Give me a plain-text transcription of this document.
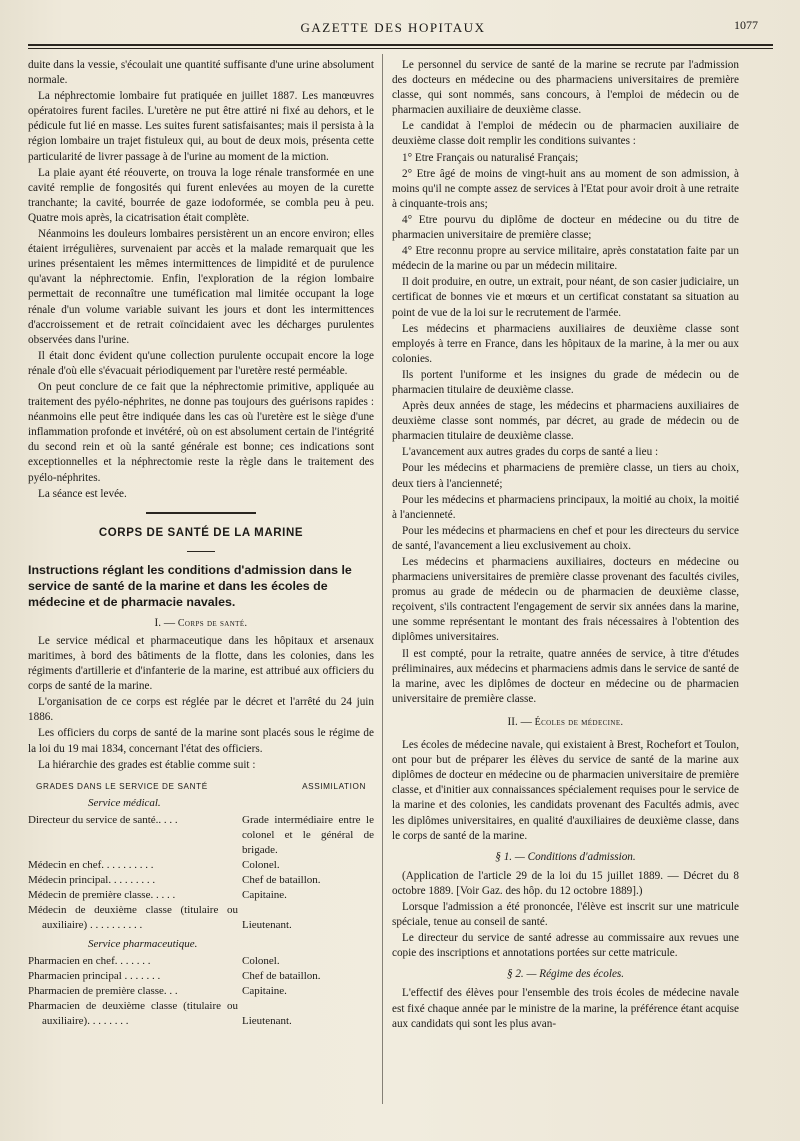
GAZETTE DES HOPITAUX	1077

duite dans la vessie, s'écoulait une quantité suffisante d'une urine absolument normale.

La néphrectomie lombaire fut pratiquée en juillet 1887. Les manœuvres opératoires furent faciles. L'uretère ne put être attiré ni fixé au dehors, et le pédicule fut lié en masse. Les suites furent satisfaisantes; mais il persista à la région lombaire un trajet fistuleux qui, au bout de deux mois, présenta cette particularité de livrer passage à de l'urine au moment de la miction.

La plaie ayant été réouverte, on trouva la loge rénale transformée en une cavité remplie de fongosités qui furent enlevées au moyen de la curette tranchante; la cavité, bourrée de gaze iodoformée, se combla peu à peu. Quatre mois après, la cicatrisation était complète.

Néanmoins les douleurs lombaires persistèrent un an encore environ; elles étaient irrégulières, survenaient par accès et la malade remarquait que les urines présentaient les mêmes intermittences de limpidité et de purulence qu'avant la néphrectomie. Enfin, l'exploration de la région lombaire permettait de reconnaître une tuméfication mal limitée occupant la loge rénale d'un volume variable suivant les jours et dont les intermittences d'accroissement et de retrait coïncidaient avec les décharges purulentes observées dans l'urine.

Il était donc évident qu'une collection purulente occupait encore la loge rénale d'où elle s'évacuait périodiquement par l'uretère resté perméable.

On peut conclure de ce fait que la néphrectomie primitive, appliquée au traitement des pyélo-néphrites, ne donne pas toujours des guérisons rapides : néanmoins elle peut être indiquée dans les cas où l'uretère est le siège d'une inflammation profonde et invétéré, où on est absolument certain de l'intégrité du second rein et où la santé générale est bonne; ces indications sont exceptionnelles et la néphrectomie reste la règle dans le traitement des pyélo-néphrites.

La séance est levée.

CORPS DE SANTÉ DE LA MARINE
Instructions réglant les conditions d'admission dans le service de santé de la marine et dans les écoles de médecine et de pharmacie navales.
I. — Corps de santé.

Le service médical et pharmaceutique dans les hôpitaux et arsenaux maritimes, à bord des bâtiments de la flotte, dans les colonies, dans les régiments d'artillerie et d'infanterie de la marine, est attribué aux officiers du corps de santé de la marine.

L'organisation de ce corps est réglée par le décret et l'arrêté du 24 juin 1886.

Les officiers du corps de santé de la marine sont placés sous le régime de la loi du 19 mai 1834, concernant l'état des officiers.

La hiérarchie des grades est établie comme suit :

GRADES DANS LE SERVICE DE SANTÉ	ASSIMILATION
Service médical.
Directeur du service de santé.. . . .	Grade intermédiaire entre le colonel et le général de brigade.
Médecin en chef. . . . . . . . . .	Colonel.
Médecin principal. . . . . . . . .	Chef de bataillon.
Médecin de première classe. . . . .	Capitaine.
Médecin de deuxième classe (titulaire ou auxiliaire) . . . . . . . . . .	Lieutenant.
Service pharmaceutique.
Pharmacien en chef. . . . . . .	Colonel.
Pharmacien principal . . . . . . .	Chef de bataillon.
Pharmacien de première classe. . .	Capitaine.
Pharmacien de deuxième classe (titulaire ou auxiliaire). . . . . . . .	Lieutenant.

Le personnel du service de santé de la marine se recrute par l'admission des docteurs en médecine ou des pharmaciens universitaires de première classe, qui sont nommés, sans concours, à l'emploi de médecin ou de pharmacien auxiliaire de deuxième classe.

Le candidat à l'emploi de médecin ou de pharmacien auxiliaire de deuxième classe doit remplir les conditions suivantes :

1° Etre Français ou naturalisé Français;

2° Etre âgé de moins de vingt-huit ans au moment de son admission, à moins qu'il ne compte assez de services à l'Etat pour avoir droit à une retraite à cinquante-trois ans;

4° Etre pourvu du diplôme de docteur en médecine ou du titre de pharmacien universitaire de première classe;

4° Etre reconnu propre au service militaire, après constatation faite par un médecin de la marine ou par un médecin militaire.

Il doit produire, en outre, un extrait, pour néant, de son casier judiciaire, un certificat de bonnes vie et mœurs et un certificat constatant sa situation au point de vue de la loi sur le recrutement de l'armée.

Les médecins et pharmaciens auxiliaires de deuxième classe sont employés à terre en France, dans les hôpitaux de la marine, à la mer ou aux colonies.

Ils portent l'uniforme et les insignes du grade de médecin ou de pharmacien titulaire de deuxième classe.

Après deux années de stage, les médecins et pharmaciens auxiliaires de deuxième classe sont nommés, par décret, au grade de médecin ou de pharmacien titulaire de deuxième classe.

L'avancement aux autres grades du corps de santé a lieu :

Pour les médecins et pharmaciens de première classe, un tiers au choix, deux tiers à l'ancienneté;

Pour les médecins et pharmaciens principaux, la moitié au choix, la moitié à l'ancienneté.

Pour les médecins et pharmaciens en chef et pour les directeurs du service de santé, l'avancement a lieu exclusivement au choix.

Les médecins et pharmaciens auxiliaires, docteurs en médecine ou pharmaciens universitaires de première classe provenant des facultés civiles, promus au grade de médecin ou de pharmacien de deuxième classe, reçoivent, s'ils contractent l'engagement de servir six années dans la marine, une somme représentant le montant des frais nécessaires à l'obtention des diplômes universitaires.

Il est compté, pour la retraite, quatre années de service, à titre d'études préliminaires, aux médecins et pharmaciens admis dans le service de santé de la marine, avec les diplômes de docteur en médecine ou de pharmacien universitaire de première classe.

II. — Écoles de médecine.

Les écoles de médecine navale, qui existaient à Brest, Rochefort et Toulon, ont pour but de préparer les élèves du service de santé de la marine aux diplômes de docteur en médecine ou de pharmacien universitaire de première classe, et d'initier aux connaissances spécialement requises pour le service de la marine et des colonies, les candidats provenant des Facultés admis, avec les diplômes universitaires, en qualité d'auxiliaires de deuxième classe, dans le corps de santé de la marine.

§ 1. — Conditions d'admission.

(Application de l'article 29 de la loi du 15 juillet 1889. — Décret du 8 octobre 1889. [Voir Gaz. des hôp. du 12 octobre 1889].)

Lorsque l'admission a été prononcée, l'élève est inscrit sur une matricule spéciale, tenue au conseil de santé.

Le directeur du service de santé adresse au commissaire aux revues une copie des inscriptions et annotations portées sur cette matricule.

§ 2. — Régime des écoles.

L'effectif des élèves pour l'ensemble des trois écoles de médecine navale est fixé chaque année par le ministre de la marine, la préférence étant acquise aux candidats qui sont les plus avan-
